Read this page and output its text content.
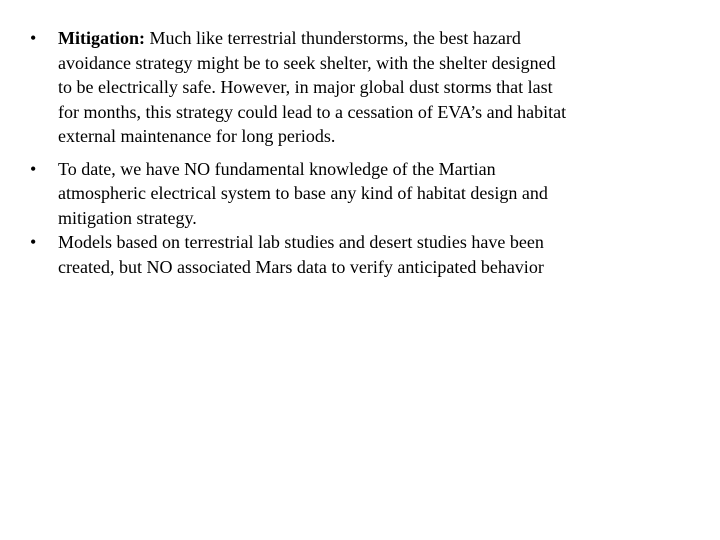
• Mitigation: Much like terrestrial thunderstorms, the best hazard
avoidance strategy might be to seek shelter, with the shelter designed
to be electrically safe. However, in major global dust storms that last
for months, this strategy could lead to a cessation of EVA’s and habitat
external maintenance for long periods.
• To date, we have NO fundamental knowledge of the Martian
atmospheric electrical system to base any kind of habitat design and
mitigation strategy.
• Models based on terrestrial lab studies and desert studies have been
created, but NO associated Mars data to verify anticipated behavior
